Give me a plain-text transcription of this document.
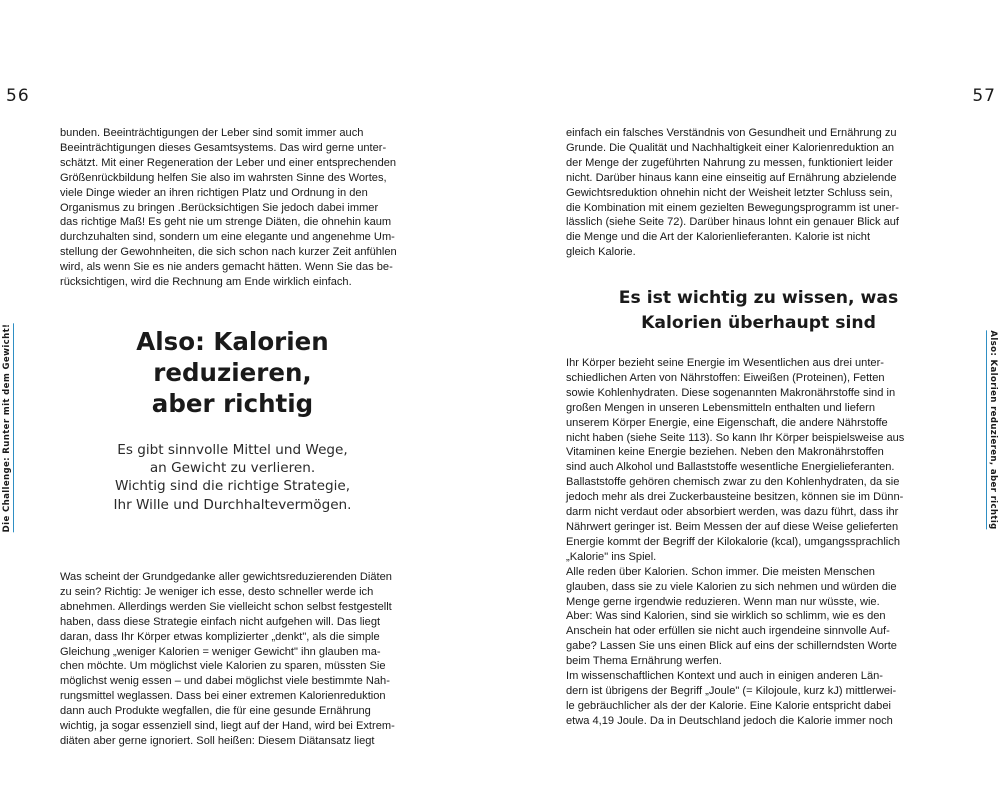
56
Die Challenge: Runter mit dem Gewicht!

bunden. Beeinträchtigungen der Leber sind somit immer auch
Beeinträchtigungen dieses Gesamtsystems. Das wird gerne unter-
schätzt. Mit einer Regeneration der Leber und einer entsprechenden
Größenrückbildung helfen Sie also im wahrsten Sinne des Wortes,
viele Dinge wieder an ihren richtigen Platz und Ordnung in den
Organismus zu bringen .Berücksichtigen Sie jedoch dabei immer
das richtige Maß! Es geht nie um strenge Diäten, die ohnehin kaum
durchzuhalten sind, sondern um eine elegante und angenehme Um-
stellung der Gewohnheiten, die sich schon nach kurzer Zeit anfühlen
wird, als wenn Sie es nie anders gemacht hätten. Wenn Sie das be-
rücksichtigen, wird die Rechnung am Ende wirklich einfach.

Also: Kalorien
reduzieren,
aber richtig

Es gibt sinnvolle Mittel und Wege,
an Gewicht zu verlieren.
Wichtig sind die richtige Strategie,
Ihr Wille und Durchhaltevermögen.

Was scheint der Grundgedanke aller gewichtsreduzierenden Diäten
zu sein? Richtig: Je weniger ich esse, desto schneller werde ich
abnehmen. Allerdings werden Sie vielleicht schon selbst festgestellt
haben, dass diese Strategie einfach nicht aufgehen will. Das liegt
daran, dass Ihr Körper etwas komplizierter „denkt", als die simple
Gleichung „weniger Kalorien = weniger Gewicht" ihn glauben ma-
chen möchte. Um möglichst viele Kalorien zu sparen, müssten Sie
möglichst wenig essen – und dabei möglichst viele bestimmte Nah-
rungsmittel weglassen. Dass bei einer extremen Kalorienreduktion
dann auch Produkte wegfallen, die für eine gesunde Ernährung
wichtig, ja sogar essenziell sind, liegt auf der Hand, wird bei Extrem-
diäten aber gerne ignoriert. Soll heißen: Diesem Diätansatz liegt

57
Also: Kalorien reduzieren, aber richtig

einfach ein falsches Verständnis von Gesundheit und Ernährung zu
Grunde. Die Qualität und Nachhaltigkeit einer Kalorienreduktion an
der Menge der zugeführten Nahrung zu messen, funktioniert leider
nicht. Darüber hinaus kann eine einseitig auf Ernährung abzielende
Gewichtsreduktion ohnehin nicht der Weisheit letzter Schluss sein,
die Kombination mit einem gezielten Bewegungsprogramm ist uner-
lässlich (siehe Seite 72). Darüber hinaus lohnt ein genauer Blick auf
die Menge und die Art der Kalorienlieferanten. Kalorie ist nicht
gleich Kalorie.

Es ist wichtig zu wissen, was
Kalorien überhaupt sind

Ihr Körper bezieht seine Energie im Wesentlichen aus drei unter-
schiedlichen Arten von Nährstoffen: Eiweißen (Proteinen), Fetten
sowie Kohlenhydraten. Diese sogenannten Makronährstoffe sind in
großen Mengen in unseren Lebensmitteln enthalten und liefern
unserem Körper Energie, eine Eigenschaft, die andere Nährstoffe
nicht haben (siehe Seite 113). So kann Ihr Körper beispielsweise aus
Vitaminen keine Energie beziehen. Neben den Makronährstoffen
sind auch Alkohol und Ballaststoffe wesentliche Energielieferanten.
Ballaststoffe gehören chemisch zwar zu den Kohlenhydraten, da sie
jedoch mehr als drei Zuckerbausteine besitzen, können sie im Dünn-
darm nicht verdaut oder absorbiert werden, was dazu führt, dass ihr
Nährwert geringer ist. Beim Messen der auf diese Weise gelieferten
Energie kommt der Begriff der Kilokalorie (kcal), umgangssprachlich
„Kalorie" ins Spiel.
Alle reden über Kalorien. Schon immer. Die meisten Menschen
glauben, dass sie zu viele Kalorien zu sich nehmen und würden die
Menge gerne irgendwie reduzieren. Wenn man nur wüsste, wie.
Aber: Was sind Kalorien, sind sie wirklich so schlimm, wie es den
Anschein hat oder erfüllen sie nicht auch irgendeine sinnvolle Auf-
gabe? Lassen Sie uns einen Blick auf eins der schillerndsten Worte
beim Thema Ernährung werfen.
Im wissenschaftlichen Kontext und auch in einigen anderen Län-
dern ist übrigens der Begriff „Joule" (= Kilojoule, kurz kJ) mittlerwei-
le gebräuchlicher als der der Kalorie. Eine Kalorie entspricht dabei
etwa 4,19 Joule. Da in Deutschland jedoch die Kalorie immer noch
